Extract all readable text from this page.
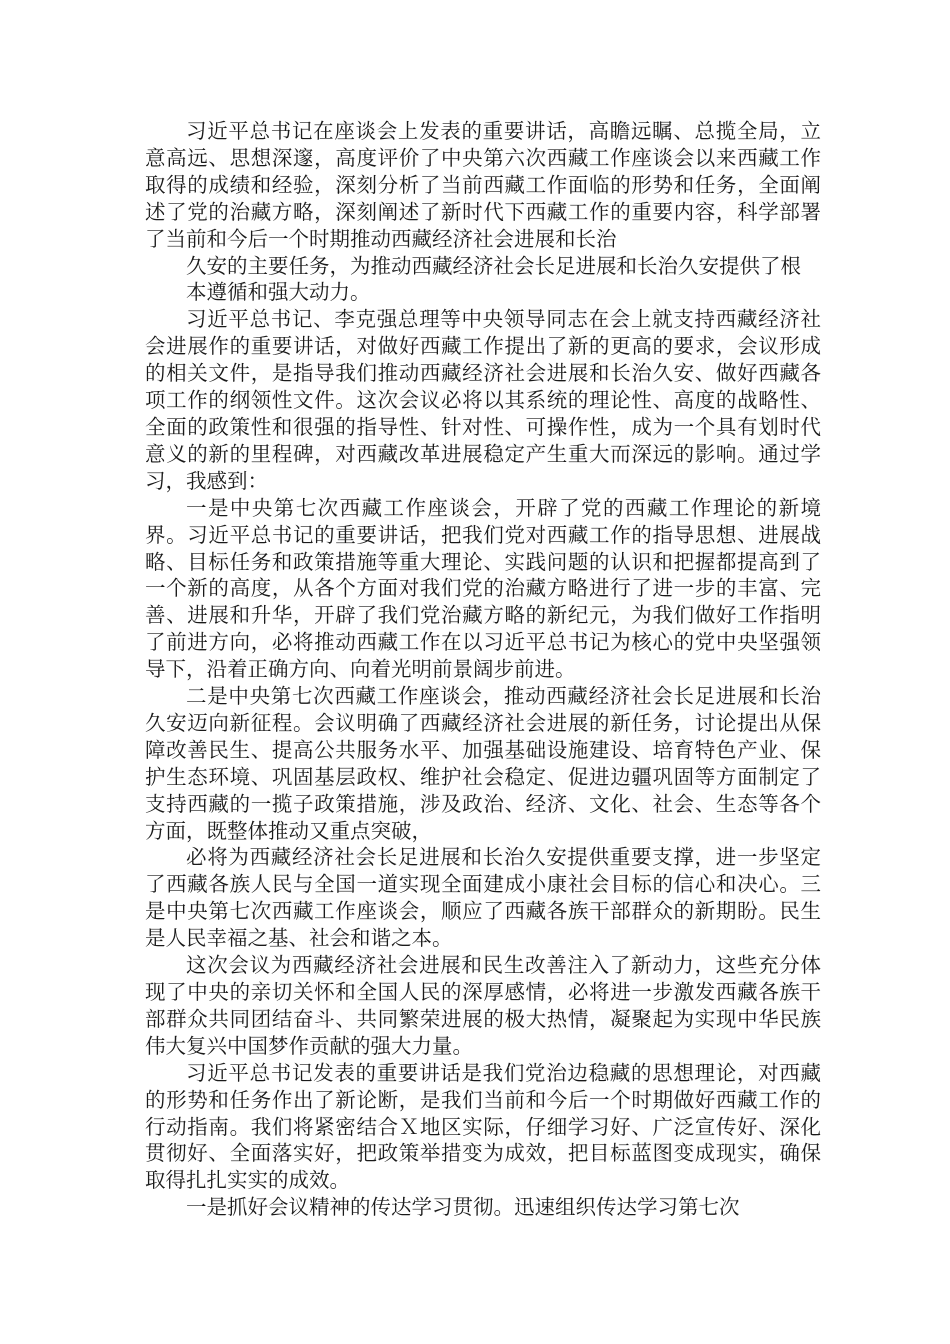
习近平总书记在座谈会上发表的重要讲话，高瞻远瞩、总揽全局，立意高远、思想深邃，高度评价了中央第六次西藏工作座谈会以来西藏工作取得的成绩和经验，深刻分析了当前西藏工作面临的形势和任务，全面阐述了党的治藏方略，深刻阐述了新时代下西藏工作的重要内容，科学部署了当前和今后一个时期推动西藏经济社会进展和长治

久安的主要任务，为推动西藏经济社会长足进展和长治久安提供了根

本遵循和强大动力。

习近平总书记、李克强总理等中央领导同志在会上就支持西藏经济社会进展作的重要讲话，对做好西藏工作提出了新的更高的要求，会议形成的相关文件，是指导我们推动西藏经济社会进展和长治久安、做好西藏各项工作的纲领性文件。这次会议必将以其系统的理论性、高度的战略性、全面的政策性和很强的指导性、针对性、可操作性，成为一个具有划时代意义的新的里程碑，对西藏改革进展稳定产生重大而深远的影响。通过学习，我感到：

一是中央第七次西藏工作座谈会，开辟了党的西藏工作理论的新境界。习近平总书记的重要讲话，把我们党对西藏工作的指导思想、进展战略、目标任务和政策措施等重大理论、实践问题的认识和把握都提高到了一个新的高度，从各个方面对我们党的治藏方略进行了进一步的丰富、完善、进展和升华，开辟了我们党治藏方略的新纪元，为我们做好工作指明了前进方向，必将推动西藏工作在以习近平总书记为核心的党中央坚强领导下，沿着正确方向、向着光明前景阔步前进。

二是中央第七次西藏工作座谈会，推动西藏经济社会长足进展和长治久安迈向新征程。会议明确了西藏经济社会进展的新任务，讨论提出从保障改善民生、提高公共服务水平、加强基础设施建设、培育特色产业、保护生态环境、巩固基层政权、维护社会稳定、促进边疆巩固等方面制定了支持西藏的一揽子政策措施，涉及政治、经济、文化、社会、生态等各个方面，既整体推动又重点突破，

必将为西藏经济社会长足进展和长治久安提供重要支撑，进一步坚定了西藏各族人民与全国一道实现全面建成小康社会目标的信心和决心。三是中央第七次西藏工作座谈会，顺应了西藏各族干部群众的新期盼。民生是人民幸福之基、社会和谐之本。

这次会议为西藏经济社会进展和民生改善注入了新动力，这些充分体现了中央的亲切关怀和全国人民的深厚感情，必将进一步激发西藏各族干部群众共同团结奋斗、共同繁荣进展的极大热情，凝聚起为实现中华民族伟大复兴中国梦作贡献的强大力量。

习近平总书记发表的重要讲话是我们党治边稳藏的思想理论，对西藏的形势和任务作出了新论断，是我们当前和今后一个时期做好西藏工作的行动指南。我们将紧密结合Ｘ地区实际，仔细学习好、广泛宣传好、深化贯彻好、全面落实好，把政策举措变为成效，把目标蓝图变成现实，确保取得扎扎实实的成效。

一是抓好会议精神的传达学习贯彻。迅速组织传达学习第七次
